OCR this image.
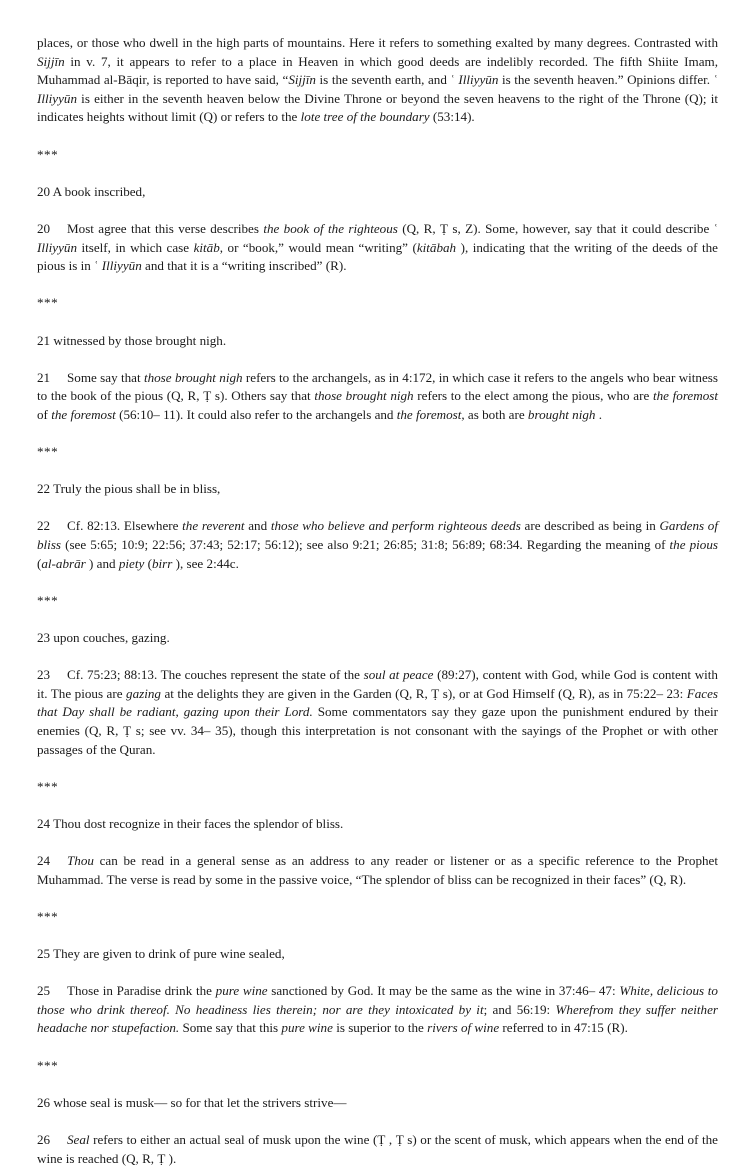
places, or those who dwell in the high parts of mountains. Here it refers to something exalted by many degrees. Contrasted with Sijjīn in v. 7, it appears to refer to a place in Heaven in which good deeds are indelibly recorded. The fifth Shiite Imam, Muhammad al-Bāqir, is reported to have said, “Sijjīn is the seventh earth, and ʿ Illiyyūn is the seventh heaven.” Opinions differ. ʿ Illiyyūn is either in the seventh heaven below the Divine Throne or beyond the seven heavens to the right of the Throne (Q); it indicates heights without limit (Q) or refers to the lote tree of the boundary (53:14).

***

20 A book inscribed,

20 Most agree that this verse describes the book of the righteous (Q, R, Ṭ s, Z). Some, however, say that it could describe ʿ Illiyyūn itself, in which case kitāb, or “book,” would mean “writing” (kitābah ), indicating that the writing of the deeds of the pious is in ʿ Illiyyūn and that it is a “writing inscribed” (R).

***

21 witnessed by those brought nigh.

21 Some say that those brought nigh refers to the archangels, as in 4:172, in which case it refers to the angels who bear witness to the book of the pious (Q, R, Ṭ s). Others say that those brought nigh refers to the elect among the pious, who are the foremost of the foremost (56:10– 11). It could also refer to the archangels and the foremost, as both are brought nigh .

***

22 Truly the pious shall be in bliss,

22 Cf. 82:13. Elsewhere the reverent and those who believe and perform righteous deeds are described as being in Gardens of bliss (see 5:65; 10:9; 22:56; 37:43; 52:17; 56:12); see also 9:21; 26:85; 31:8; 56:89; 68:34. Regarding the meaning of the pious (al-abrār ) and piety (birr ), see 2:44c.

***

23 upon couches, gazing.

23 Cf. 75:23; 88:13. The couches represent the state of the soul at peace (89:27), content with God, while God is content with it. The pious are gazing at the delights they are given in the Garden (Q, R, Ṭ s), or at God Himself (Q, R), as in 75:22– 23: Faces that Day shall be radiant, gazing upon their Lord. Some commentators say they gaze upon the punishment endured by their enemies (Q, R, Ṭ s; see vv. 34– 35), though this interpretation is not consonant with the sayings of the Prophet or with other passages of the Quran.

***

24 Thou dost recognize in their faces the splendor of bliss.

24 Thou can be read in a general sense as an address to any reader or listener or as a specific reference to the Prophet Muhammad. The verse is read by some in the passive voice, “The splendor of bliss can be recognized in their faces” (Q, R).

***

25 They are given to drink of pure wine sealed,

25 Those in Paradise drink the pure wine sanctioned by God. It may be the same as the wine in 37:46– 47: White, delicious to those who drink thereof. No headiness lies therein; nor are they intoxicated by it; and 56:19: Wherefrom they suffer neither headache nor stupefaction. Some say that this pure wine is superior to the rivers of wine referred to in 47:15 (R).

***

26 whose seal is musk— so for that let the strivers strive—

26 Seal refers to either an actual seal of musk upon the wine (Ṭ , Ṭ s) or the scent of musk, which appears when the end of the wine is reached (Q, R, Ṭ ).
